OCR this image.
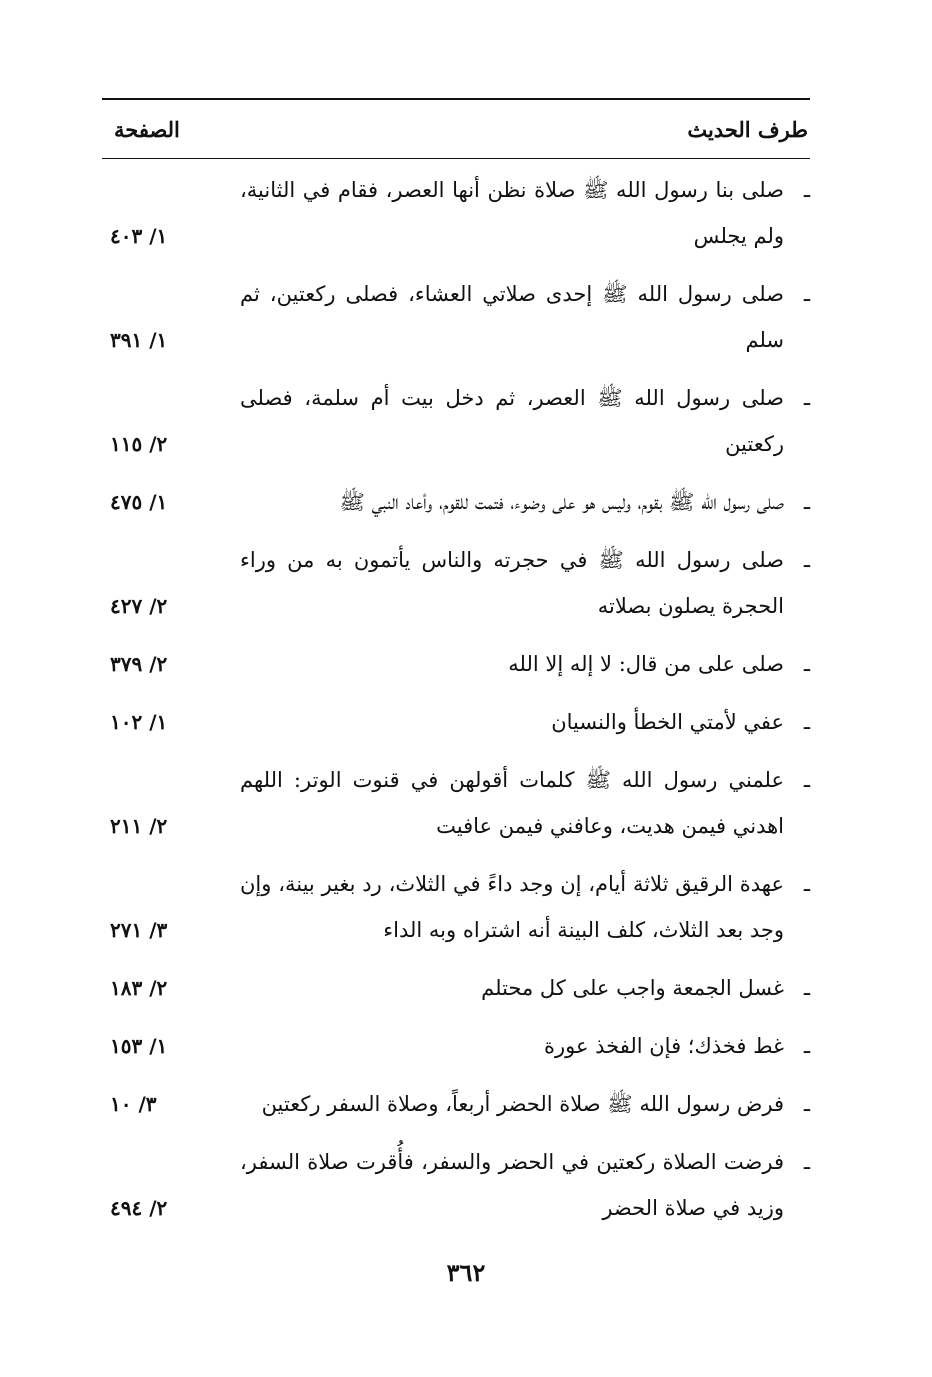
طرف الحديث
الصفحة
ـصلى بنا رسول الله ﷺ صلاة نظن أنها العصر، فقام في الثانية، ولم يجلس
١/ ٤٠٣
ـصلى رسول الله ﷺ إحدى صلاتي العشاء، فصلى ركعتين، ثم سلم
١/ ٣٩١
ـصلى رسول الله ﷺ العصر، ثم دخل بيت أم سلمة، فصلى ركعتين
٢/ ١١٥
ـصلى رسول الله ﷺ بقوم، وليس هو على وضوء، فتمت للقوم، وأعاد النبي ﷺ
١/ ٤٧٥
ـصلى رسول الله ﷺ في حجرته والناس يأتمون به من وراء الحجرة يصلون بصلاته
٢/ ٤٢٧
ـصلى على من قال: لا إله إلا الله
٢/ ٣٧٩
ـعفي لأمتي الخطأ والنسيان
١/ ١٠٢
ـعلمني رسول الله ﷺ كلمات أقولهن في قنوت الوتر: اللهم اهدني فيمن هديت، وعافني فيمن عافيت
٢/ ٢١١
ـعهدة الرقيق ثلاثة أيام، إن وجد داءً في الثلاث، رد بغير بينة، وإن وجد بعد الثلاث، كلف البينة أنه اشتراه وبه الداء
٣/ ٢٧١
ـغسل الجمعة واجب على كل محتلم
٢/ ١٨٣
ـغط فخذك؛ فإن الفخذ عورة
١/ ١٥٣
ـفرض رسول الله ﷺ صلاة الحضر أربعاً، وصلاة السفر ركعتين
٣/ ١٠
ـفرضت الصلاة ركعتين في الحضر والسفر، فأُقرت صلاة السفر، وزيد في صلاة الحضر
٢/ ٤٩٤
٣٦٢
